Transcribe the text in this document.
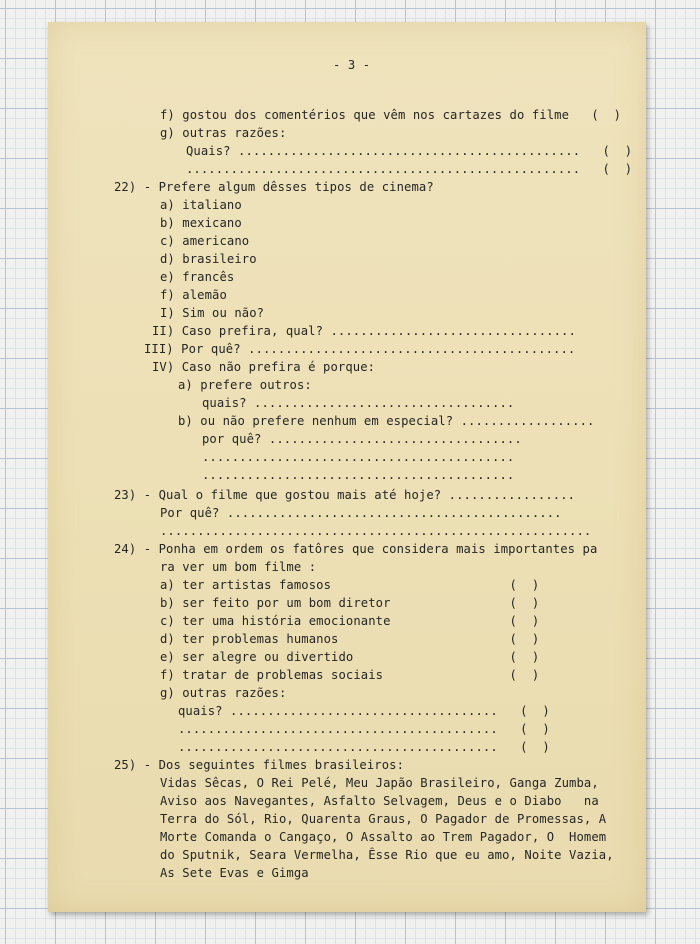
- 3 -
f) gostou dos comentérios que vêm nos cartazes do filme   (  )
g) outras razões:
Quais? ..............................................   (  )
.....................................................   (  )
22) - Prefere algum dêsses tipos de cinema?
a) italiano
b) mexicano
c) americano
d) brasileiro
e) francês
f) alemão
I) Sim ou não?
II) Caso prefira, qual? .................................
III) Por quê? ............................................
IV) Caso não prefira é porque:
a) prefere outros:
quais? ...................................
b) ou não prefere nenhum em especial? ..................
por quê? ..................................
..........................................
..........................................
23) - Qual o filme que gostou mais até hoje? .................
Por quê? .............................................
..........................................................
24) - Ponha em ordem os fatôres que considera mais importantes pa
ra ver um bom filme :
a) ter artistas famosos                        (  )
b) ser feito por um bom diretor                (  )
c) ter uma história emocionante                (  )
d) ter problemas humanos                       (  )
e) ser alegre ou divertido                     (  )
f) tratar de problemas sociais                 (  )
g) outras razões:
quais? ....................................   (  )
...........................................   (  )
...........................................   (  )
25) - Dos seguintes filmes brasileiros:
Vidas Sêcas, O Rei Pelé, Meu Japão Brasileiro, Ganga Zumba,
Aviso aos Navegantes, Asfalto Selvagem, Deus e o Diabo   na
Terra do Sól, Rio, Quarenta Graus, O Pagador de Promessas, A
Morte Comanda o Cangaço, O Assalto ao Trem Pagador, O  Homem
do Sputnik, Seara Vermelha, Êsse Rio que eu amo, Noite Vazia,
As Sete Evas e Gimga
